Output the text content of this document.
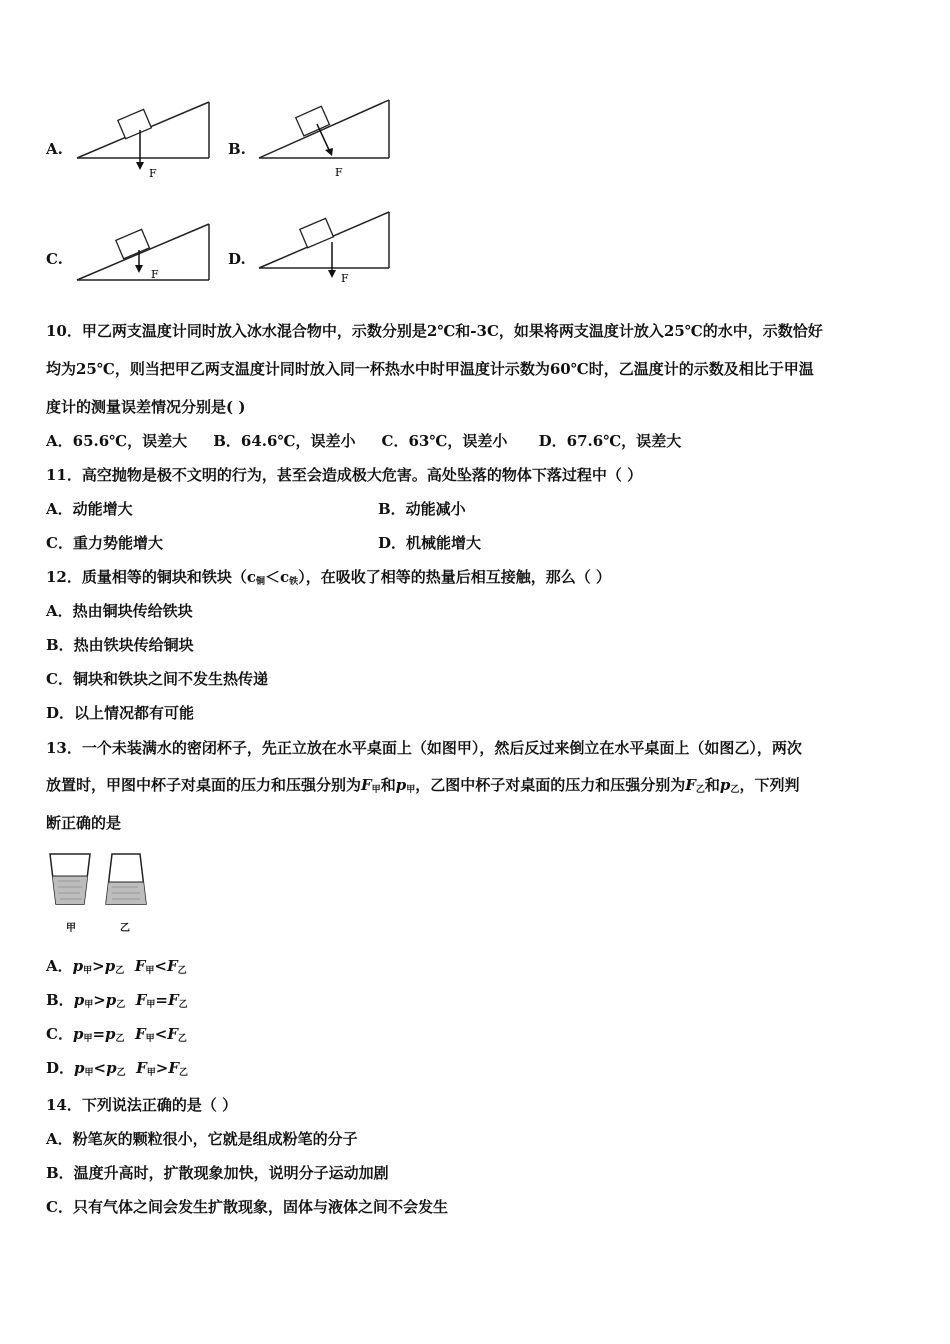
A.
F
B.
F
C.
F
D.
F
10．甲乙两支温度计同时放入冰水混合物中，示数分别是2℃和-3C，如果将两支温度计放入25℃的水中，示数恰好
均为25℃，则当把甲乙两支温度计同时放入同一杯热水中时甲温度计示数为60℃时，乙温度计的示数及相比于甲温
度计的测量误差情况分别是( )
A．65.6℃，误差大     B．64.6℃，误差小     C．63℃，误差小      D．67.6℃，误差大
11．高空抛物是极不文明的行为，甚至会造成极大危害。高处坠落的物体下落过程中（ ）
A．动能增大	B．动能减小
C．重力势能增大	D．机械能增大
12．质量相等的铜块和铁块$(c_铜<c_铁)$，在吸收了相等的热量后相互接触，那么（ ）
A．热由铜块传给铁块
B．热由铁块传给铜块
C．铜块和铁块之间不发生热传递
D．以上情况都有可能
13．一个未装满水的密闭杯子，先正立放在水平桌面上（如图甲），然后反过来倒立在水平桌面上（如图乙），两次
放置时，甲图中杯子对桌面的压力和压强分别为$F_甲$和$p_甲$，乙图中杯子对桌面的压力和压强分别为$F_乙$和$p_乙$，下列判
断正确的是
甲	乙
A．$p_甲>p_乙$ $F_甲<F_乙$
B．$p_甲>p_乙$ $F_甲=F_乙$
C．$p_甲=p_乙$ $F_甲<F_乙$
D．$p_甲<p_乙$ $F_甲>F_乙$
14．下列说法正确的是（ ）
A．粉笔灰的颗粒很小，它就是组成粉笔的分子
B．温度升高时，扩散现象加快，说明分子运动加剧
C．只有气体之间会发生扩散现象，固体与液体之间不会发生
